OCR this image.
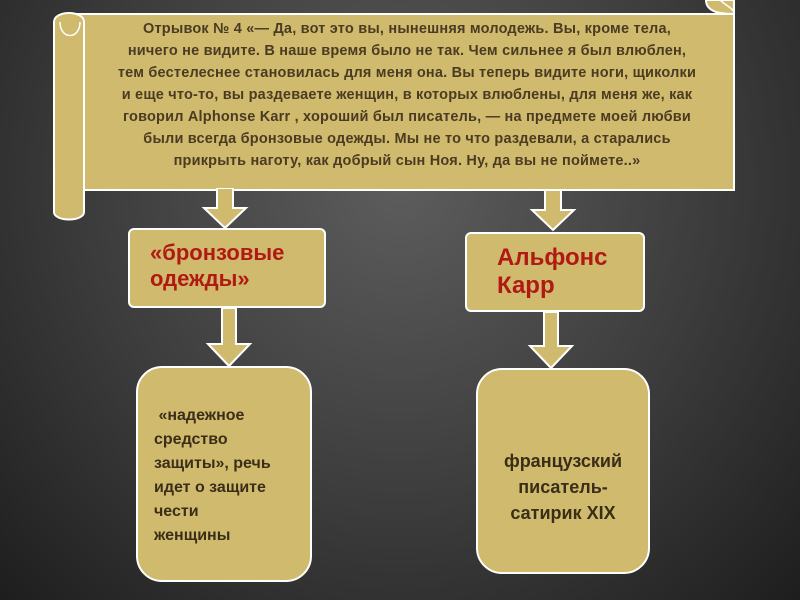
Отрывок № 4 «— Да, вот это вы, нынешняя молодежь. Вы, кроме тела,
ничего не видите. В наше время было не так. Чем сильнее я был влюблен,
тем бестелеснее становилась для меня она. Вы теперь видите ноги, щиколки
и еще что-то, вы раздеваете женщин, в которых влюблены, для меня же, как
говорил Alphonse Karr , хороший был писатель, — на предмете моей любви
были всегда бронзовые одежды. Мы не то что раздевали, а старались
прикрыть наготу, как добрый сын Ноя. Ну, да вы не поймете..»
«бронзовые
одежды»
Альфонс
Карр
«надежное
средство
защиты», речь
идет о защите
чести
женщины
французский
писатель-
сатирик XIX
